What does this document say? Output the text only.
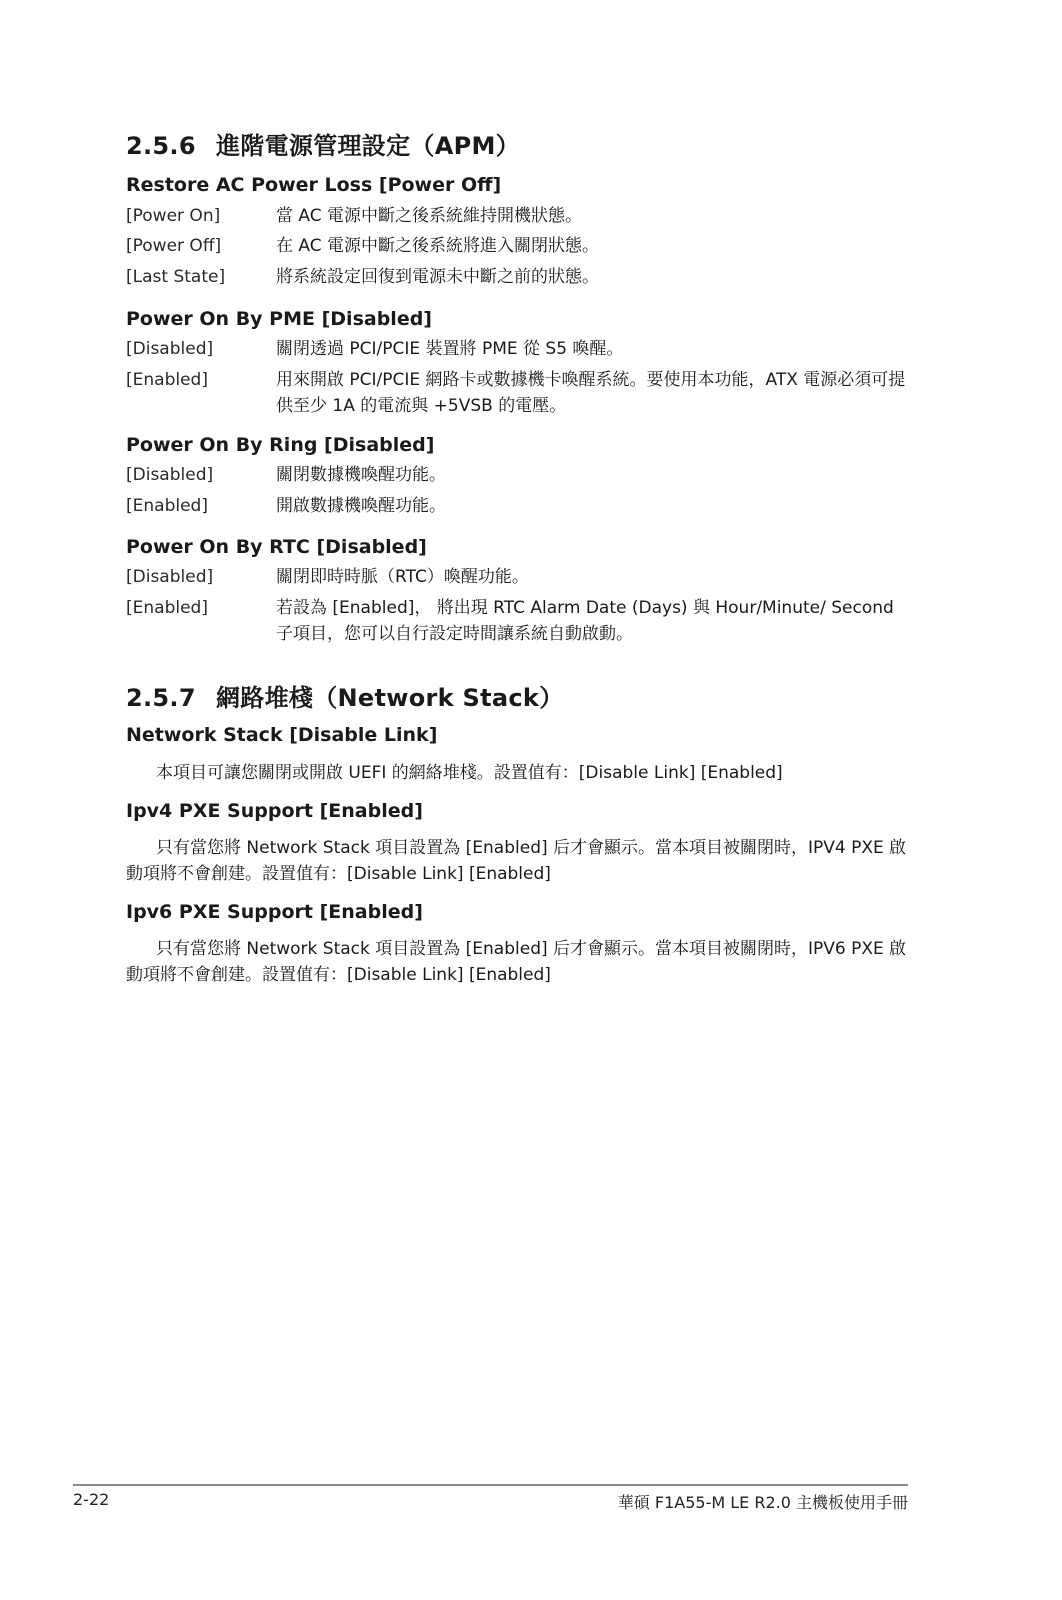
2.5.6 進階電源管理設定（APM）
Restore AC Power Loss [Power Off]
[Power On]	當 AC 電源中斷之後系統維持開機狀態。
[Power Off]	在 AC 電源中斷之後系統將進入關閉狀態。
[Last State]	將系統設定回復到電源未中斷之前的狀態。
Power On By PME [Disabled]
[Disabled]	關閉透過 PCI/PCIE 裝置將 PME 從 S5 喚醒。
[Enabled]	用來開啟 PCI/PCIE 網路卡或數據機卡喚醒系統。要使用本功能，ATX 電源必須可提供至少 1A 的電流與 +5VSB 的電壓。
Power On By Ring [Disabled]
[Disabled]	關閉數據機喚醒功能。
[Enabled]	開啟數據機喚醒功能。
Power On By RTC [Disabled]
[Disabled]	關閉即時時脈（RTC）喚醒功能。
[Enabled]	若設為 [Enabled]， 將出現 RTC Alarm Date (Days) 與 Hour/Minute/ Second 子項目，您可以自行設定時間讓系統自動啟動。
2.5.7 網路堆棧（Network Stack）
Network Stack [Disable Link]
本項目可讓您關閉或開啟 UEFI 的網絡堆棧。設置值有：[Disable Link] [Enabled]
Ipv4 PXE Support [Enabled]
只有當您將 Network Stack 項目設置為 [Enabled] 后才會顯示。當本項目被關閉時，IPV4 PXE 啟動項將不會創建。設置值有：[Disable Link] [Enabled]
Ipv6 PXE Support [Enabled]
只有當您將 Network Stack 項目設置為 [Enabled] 后才會顯示。當本項目被關閉時，IPV6 PXE 啟動項將不會創建。設置值有：[Disable Link] [Enabled]
2-22	華碩 F1A55-M LE R2.0 主機板使用手冊
